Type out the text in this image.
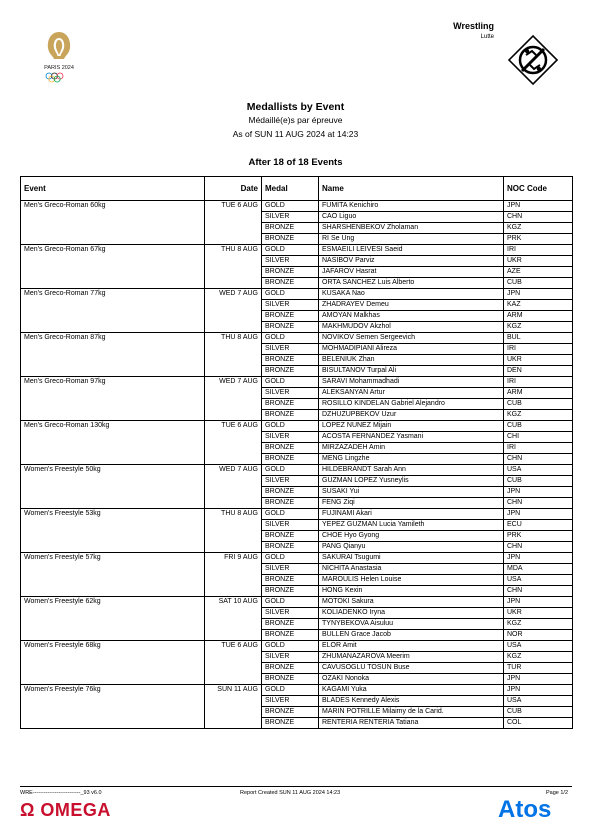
PARIS 2024
Wrestling
Lutte
Medallists by Event
Médaillé(e)s par épreuve
As of SUN 11 AUG 2024 at 14:23
After 18 of 18 Events
Event	Date	Medal	Name	NOC Code
Men's Greco-Roman 60kg	TUE 6 AUG	GOLD	FUMITA Kenichiro	JPN
		SILVER	CAO Liguo	CHN
		BRONZE	SHARSHENBEKOV Zholaman	KGZ
		BRONZE	RI Se Ung	PRK
Men's Greco-Roman 67kg	THU 8 AUG	GOLD	ESMAEILI LEIVESI Saeid	IRI
		SILVER	NASIBOV Parviz	UKR
		BRONZE	JAFAROV Hasrat	AZE
		BRONZE	ORTA SANCHEZ Luis Alberto	CUB
Men's Greco-Roman 77kg	WED 7 AUG	GOLD	KUSAKA Nao	JPN
		SILVER	ZHADRAYEV Demeu	KAZ
		BRONZE	AMOYAN Malkhas	ARM
		BRONZE	MAKHMUDOV Akzhol	KGZ
Men's Greco-Roman 87kg	THU 8 AUG	GOLD	NOVIKOV Semen Sergeevich	BUL
		SILVER	MOHMADIPIANI Alireza	IRI
		BRONZE	BELENIUK Zhan	UKR
		BRONZE	BISULTANOV Turpal Ali	DEN
Men's Greco-Roman 97kg	WED 7 AUG	GOLD	SARAVI Mohammadhadi	IRI
		SILVER	ALEKSANYAN Artur	ARM
		BRONZE	ROSILLO KINDELAN Gabriel Alejandro	CUB
		BRONZE	DZHUZUPBEKOV Uzur	KGZ
Men's Greco-Roman 130kg	TUE 6 AUG	GOLD	LOPEZ NUNEZ Mijain	CUB
		SILVER	ACOSTA FERNANDEZ Yasmani	CHI
		BRONZE	MIRZAZADEH Amin	IRI
		BRONZE	MENG Lingzhe	CHN
Women's Freestyle 50kg	WED 7 AUG	GOLD	HILDEBRANDT Sarah Ann	USA
		SILVER	GUZMAN LOPEZ Yusneylis	CUB
		BRONZE	SUSAKI Yui	JPN
		BRONZE	FENG Ziqi	CHN
Women's Freestyle 53kg	THU 8 AUG	GOLD	FUJINAMI Akari	JPN
		SILVER	YEPEZ GUZMAN Lucia Yamileth	ECU
		BRONZE	CHOE Hyo Gyong	PRK
		BRONZE	PANG Qianyu	CHN
Women's Freestyle 57kg	FRI 9 AUG	GOLD	SAKURAI Tsugumi	JPN
		SILVER	NICHITA Anastasia	MDA
		BRONZE	MAROULIS Helen Louise	USA
		BRONZE	HONG Kexin	CHN
Women's Freestyle 62kg	SAT 10 AUG	GOLD	MOTOKI Sakura	JPN
		SILVER	KOLIADENKO Iryna	UKR
		BRONZE	TYNYBEKOVA Aisuluu	KGZ
		BRONZE	BULLEN Grace Jacob	NOR
Women's Freestyle 68kg	TUE 6 AUG	GOLD	ELOR Amit	USA
		SILVER	ZHUMANAZAROVA Meerim	KGZ
		BRONZE	CAVUSOGLU TOSUN Buse	TUR
		BRONZE	OZAKI Nonoka	JPN
Women's Freestyle 76kg	SUN 11 AUG	GOLD	KAGAMI Yuka	JPN
		SILVER	BLADES Kennedy Alexis	USA
		BRONZE	MARIN POTRILLE Milaimy de la Carid.	CUB
		BRONZE	RENTERIA RENTERIA Tatiana	COL
WRE--------------------------_93 v6.0	Report Created SUN 11 AUG 2024 14:23	Page 1/2
Ω OMEGA	Atos
